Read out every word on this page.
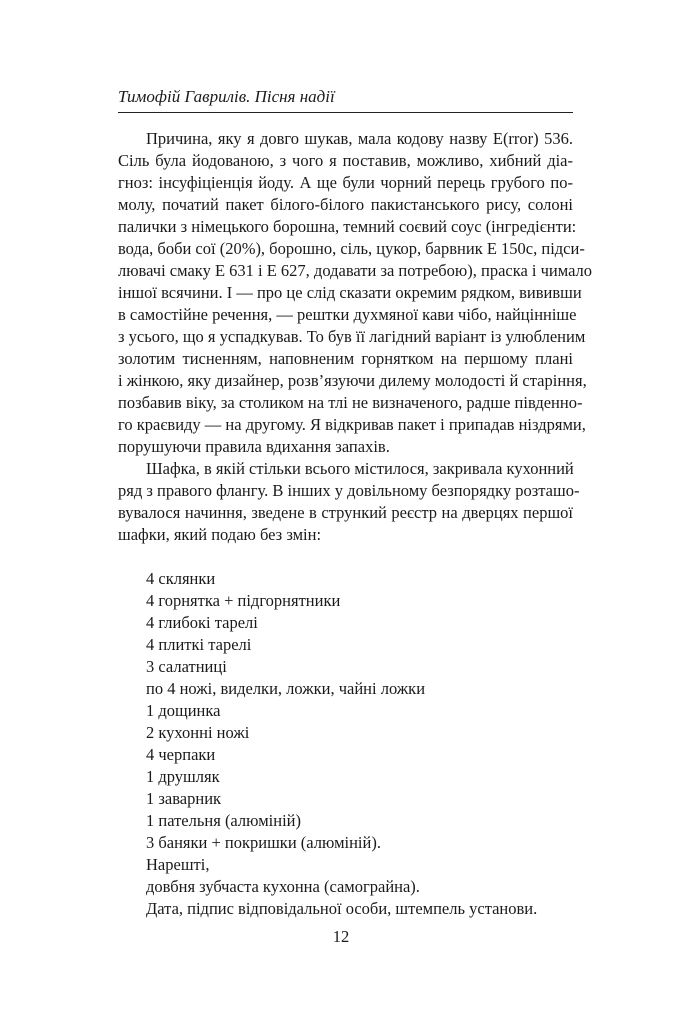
Тимофій Гаврилів. Пісня надії
Причина, яку я довго шукав, мала кодову назву E(rror) 536.
Сіль була йодованою, з чого я поставив, можливо, хибний діа-
гноз: інсуфіціенція йоду. А ще були чорний перець грубого по-
молу, початий пакет білого-білого пакистанського рису, солоні
палички з німецького борошна, темний соєвий соус (інгредієнти:
вода, боби сої (20%), борошно, сіль, цукор, барвник Е 150с, підси-
лювачі смаку Е 631 і Е 627, додавати за потребою), праска і чимало
іншої всячини. І — про це слід сказати окремим рядком, вививши
в самостійне речення, — рештки духмяної кави чібо, найцінніше
з усього, що я успадкував. То був її лагідний варіант із улюбленим
золотим тисненням, наповненим горнятком на першому плані
і жінкою, яку дизайнер, розв’язуючи дилему молодості й старіння,
позбавив віку, за столиком на тлі не визначеного, радше південно-
го краєвиду — на другому. Я відкривав пакет і припадав ніздрями,
порушуючи правила вдихання запахів.
Шафка, в якій стільки всього містилося, закривала кухонний
ряд з правого флангу. В інших у довільному безпорядку розташо-
вувалося начиння, зведене в стрункий реєстр на дверцях першої
шафки, який подаю без змін:
4 склянки
4 горнятка + підгорнятники
4 глибокі тарелі
4 плиткі тарелі
3 салатниці
по 4 ножі, виделки, ложки, чайні ложки
1 дощинка
2 кухонні ножі
4 черпаки
1 друшляк
1 заварник
1 пательня (алюміній)
3 баняки + покришки (алюміній).
Нарешті,
довбня зубчаста кухонна (самограйна).
Дата, підпис відповідальної особи, штемпель установи.
12
